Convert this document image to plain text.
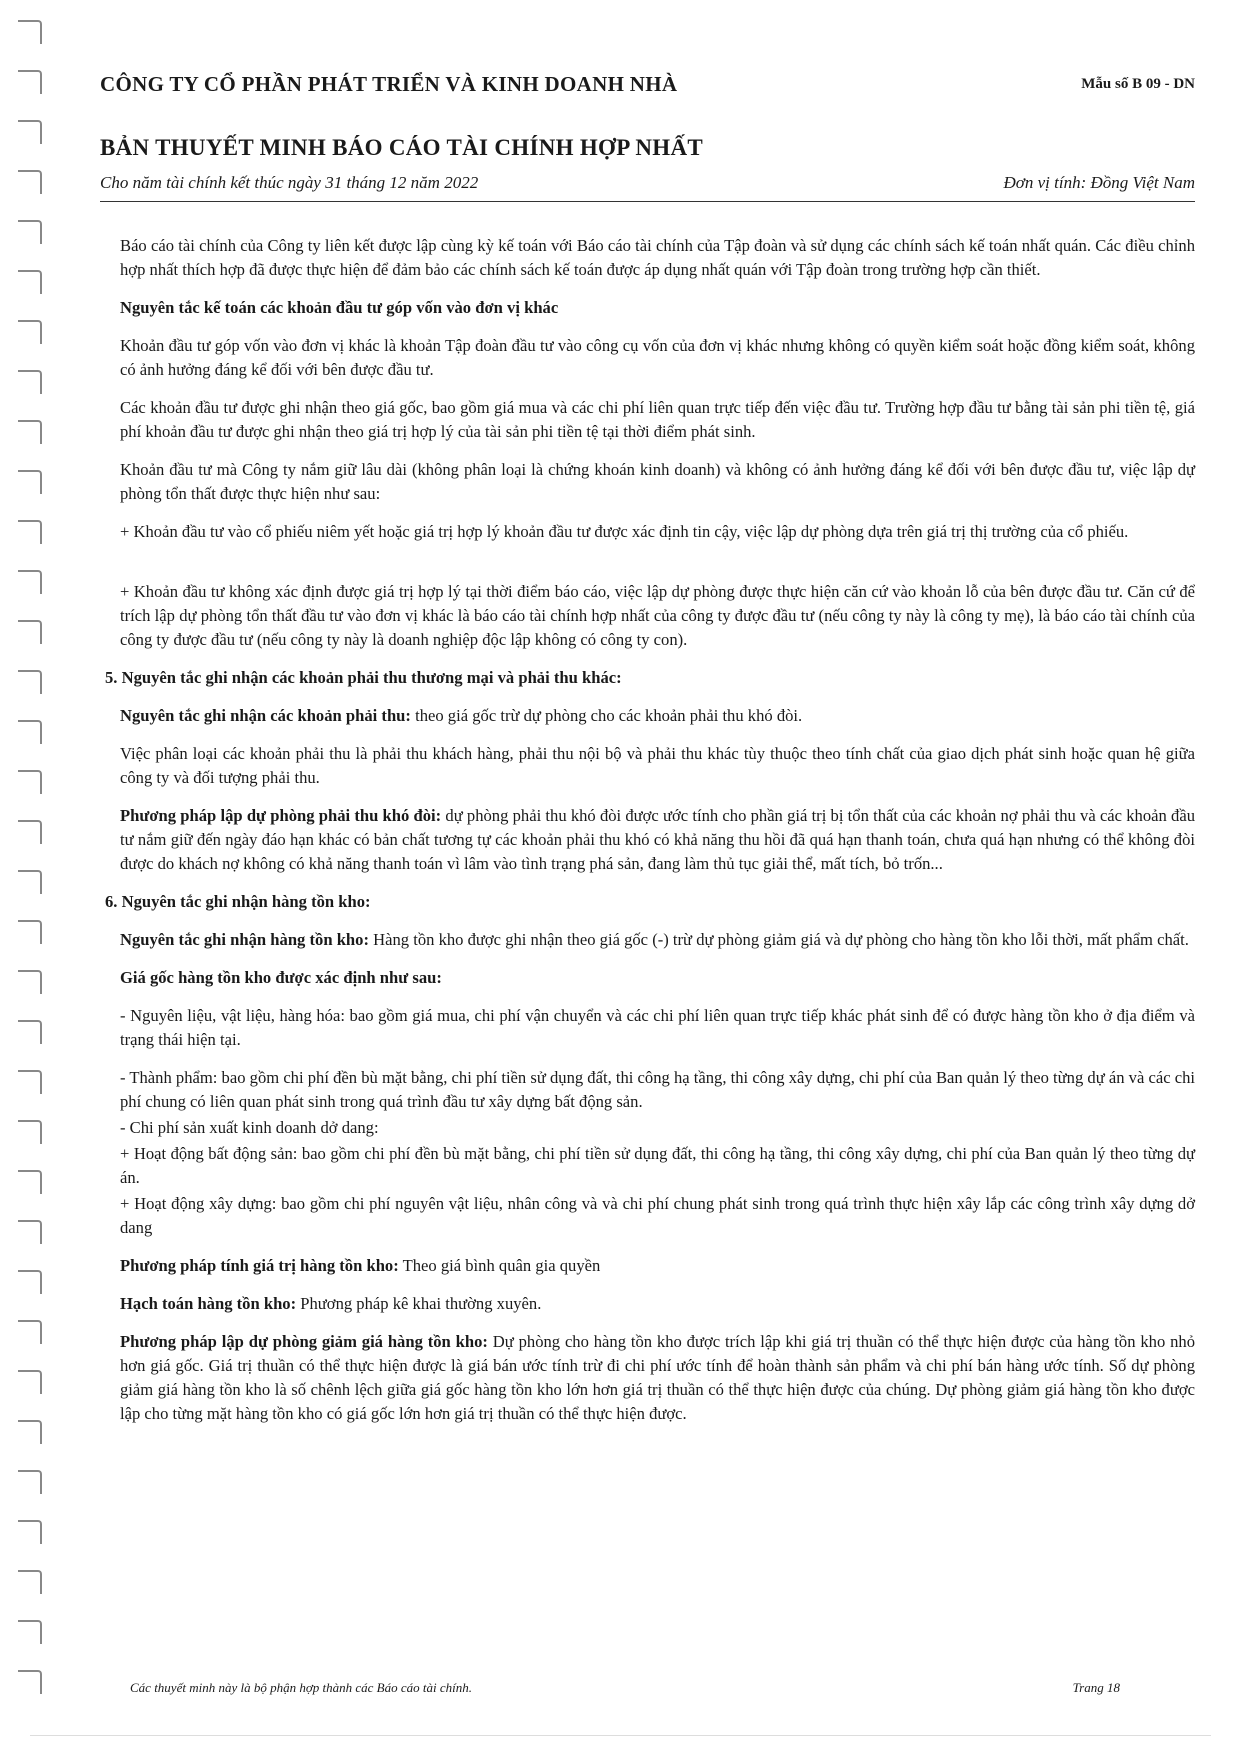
CÔNG TY CỔ PHẦN PHÁT TRIỂN VÀ KINH DOANH NHÀ	Mẫu số B 09 - DN
BẢN THUYẾT MINH BÁO CÁO TÀI CHÍNH HỢP NHẤT
Cho năm tài chính kết thúc ngày 31 tháng 12 năm 2022	Đơn vị tính: Đồng Việt Nam

Báo cáo tài chính của Công ty liên kết được lập cùng kỳ kế toán với Báo cáo tài chính của Tập đoàn và sử dụng các chính sách kế toán nhất quán. Các điều chỉnh hợp nhất thích hợp đã được thực hiện để đảm bảo các chính sách kế toán được áp dụng nhất quán với Tập đoàn trong trường hợp cần thiết.

Nguyên tắc kế toán các khoản đầu tư góp vốn vào đơn vị khác

Khoản đầu tư góp vốn vào đơn vị khác là khoản Tập đoàn đầu tư vào công cụ vốn của đơn vị khác nhưng không có quyền kiểm soát hoặc đồng kiểm soát, không có ảnh hưởng đáng kể đối với bên được đầu tư.

Các khoản đầu tư được ghi nhận theo giá gốc, bao gồm giá mua và các chi phí liên quan trực tiếp đến việc đầu tư. Trường hợp đầu tư bằng tài sản phi tiền tệ, giá phí khoản đầu tư được ghi nhận theo giá trị hợp lý của tài sản phi tiền tệ tại thời điểm phát sinh.

Khoản đầu tư mà Công ty nắm giữ lâu dài (không phân loại là chứng khoán kinh doanh) và không có ảnh hưởng đáng kể đối với bên được đầu tư, việc lập dự phòng tổn thất được thực hiện như sau:

+ Khoản đầu tư vào cổ phiếu niêm yết hoặc giá trị hợp lý khoản đầu tư được xác định tin cậy, việc lập dự phòng dựa trên giá trị thị trường của cổ phiếu.

+ Khoản đầu tư không xác định được giá trị hợp lý tại thời điểm báo cáo, việc lập dự phòng được thực hiện căn cứ vào khoản lỗ của bên được đầu tư. Căn cứ để trích lập dự phòng tổn thất đầu tư vào đơn vị khác là báo cáo tài chính hợp nhất của công ty được đầu tư (nếu công ty này là công ty mẹ), là báo cáo tài chính của công ty được đầu tư (nếu công ty này là doanh nghiệp độc lập không có công ty con).

5. Nguyên tắc ghi nhận các khoản phải thu thương mại và phải thu khác:

Nguyên tắc ghi nhận các khoản phải thu: theo giá gốc trừ dự phòng cho các khoản phải thu khó đòi.

Việc phân loại các khoản phải thu là phải thu khách hàng, phải thu nội bộ và phải thu khác tùy thuộc theo tính chất của giao dịch phát sinh hoặc quan hệ giữa công ty và đối tượng phải thu.

Phương pháp lập dự phòng phải thu khó đòi: dự phòng phải thu khó đòi được ước tính cho phần giá trị bị tổn thất của các khoản nợ phải thu và các khoản đầu tư nắm giữ đến ngày đáo hạn khác có bản chất tương tự các khoản phải thu khó có khả năng thu hồi đã quá hạn thanh toán, chưa quá hạn nhưng có thể không đòi được do khách nợ không có khả năng thanh toán vì lâm vào tình trạng phá sản, đang làm thủ tục giải thể, mất tích, bỏ trốn...

6. Nguyên tắc ghi nhận hàng tồn kho:

Nguyên tắc ghi nhận hàng tồn kho: Hàng tồn kho được ghi nhận theo giá gốc (-) trừ dự phòng giảm giá và dự phòng cho hàng tồn kho lỗi thời, mất phẩm chất.

Giá gốc hàng tồn kho được xác định như sau:

- Nguyên liệu, vật liệu, hàng hóa: bao gồm giá mua, chi phí vận chuyển và các chi phí liên quan trực tiếp khác phát sinh để có được hàng tồn kho ở địa điểm và trạng thái hiện tại.

- Thành phẩm: bao gồm chi phí đền bù mặt bằng, chi phí tiền sử dụng đất, thi công hạ tầng, thi công xây dựng, chi phí của Ban quản lý theo từng dự án và các chi phí chung có liên quan phát sinh trong quá trình đầu tư xây dựng bất động sản.

- Chi phí sản xuất kinh doanh dở dang:

+ Hoạt động bất động sản: bao gồm chi phí đền bù mặt bằng, chi phí tiền sử dụng đất, thi công hạ tầng, thi công xây dựng, chi phí của Ban quản lý theo từng dự án.

+ Hoạt động xây dựng: bao gồm chi phí nguyên vật liệu, nhân công và và chi phí chung phát sinh trong quá trình thực hiện xây lắp các công trình xây dựng dở dang

Phương pháp tính giá trị hàng tồn kho: Theo giá bình quân gia quyền

Hạch toán hàng tồn kho: Phương pháp kê khai thường xuyên.

Phương pháp lập dự phòng giảm giá hàng tồn kho: Dự phòng cho hàng tồn kho được trích lập khi giá trị thuần có thể thực hiện được của hàng tồn kho nhỏ hơn giá gốc. Giá trị thuần có thể thực hiện được là giá bán ước tính trừ đi chi phí ước tính để hoàn thành sản phẩm và chi phí bán hàng ước tính. Số dự phòng giảm giá hàng tồn kho là số chênh lệch giữa giá gốc hàng tồn kho lớn hơn giá trị thuần có thể thực hiện được của chúng. Dự phòng giảm giá hàng tồn kho được lập cho từng mặt hàng tồn kho có giá gốc lớn hơn giá trị thuần có thể thực hiện được.

Các thuyết minh này là bộ phận hợp thành các Báo cáo tài chính.	Trang 18
